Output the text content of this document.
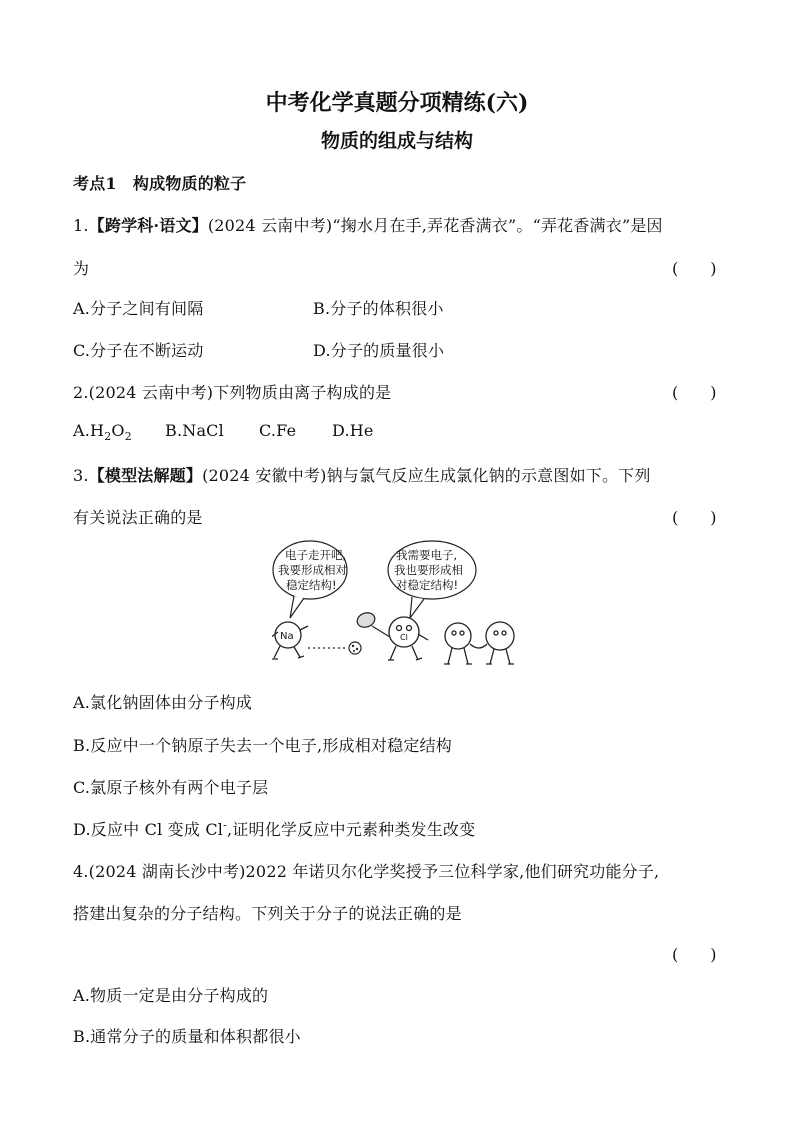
中考化学真题分项精练(六)
物质的组成与结构
考点1　构成物质的粒子
1.【跨学科·语文】(2024 云南中考)“掬水月在手,弄花香满衣”。“弄花香满衣”是因
为	(　　)
A.分子之间有间隔	B.分子的体积很小
C.分子在不断运动	D.分子的质量很小
2.(2024 云南中考)下列物质由离子构成的是	(　　)
$A.H_2O_2$ B.NaCl C.Fe D.He
3.【模型法解题】(2024 安徽中考)钠与氯气反应生成氯化钠的示意图如下。下列
有关说法正确的是	(　　)
电子走开吧,
我要形成相对
稳定结构!
我需要电子,
我也要形成相
对稳定结构!
Na	Cl
A.氯化钠固体由分子构成
B.反应中一个钠原子失去一个电子,形成相对稳定结构
C.氯原子核外有两个电子层
D.反应中 Cl 变成 Cl-,证明化学反应中元素种类发生改变
4.(2024 湖南长沙中考)2022 年诺贝尔化学奖授予三位科学家,他们研究功能分子,
搭建出复杂的分子结构。下列关于分子的说法正确的是
(　　)
A.物质一定是由分子构成的
B.通常分子的质量和体积都很小
